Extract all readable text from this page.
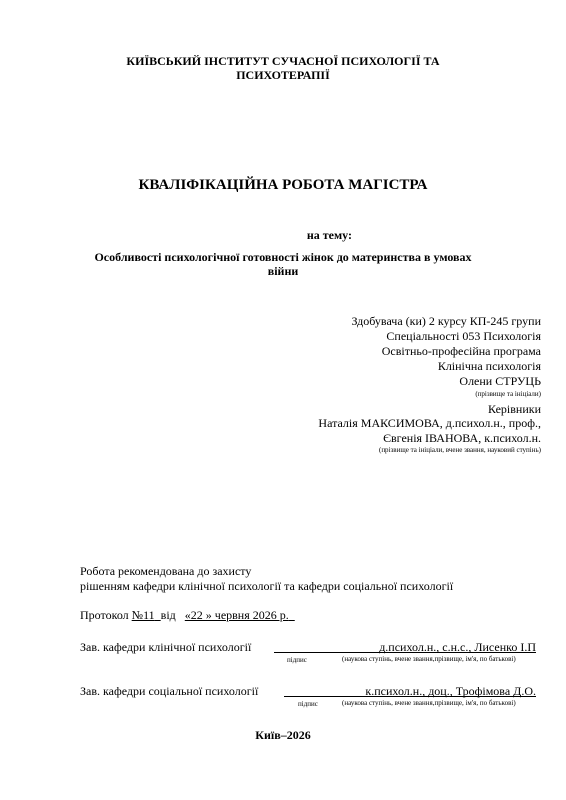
КИЇВСЬКИЙ ІНСТИТУТ СУЧАСНОЇ ПСИХОЛОГІЇ ТА
ПСИХОТЕРАПІЇ
КВАЛІФІКАЦІЙНА РОБОТА МАГІСТРА
на тему:
Особливості психологічної готовності жінок до материнства в умовах
війни
Здобувача (ки) 2 курсу КП-245 групи
Спеціальності 053 Психологія
Освітньо-професійна програма
Клінічна психологія
Олени СТРУЦЬ
(прізвище та ініціали)
Керівники
Наталія МАКСИМОВА, д.психол.н., проф.,
Євгенія ІВАНОВА, к.психол.н.
(прізвище та ініціали, вчене звання, науковий ступінь)
Робота рекомендована до захисту
рішенням кафедри клінічної психології та кафедри соціальної психології
Протокол №11 від «22 » червня 2026 р.
Зав. кафедри клінічної психології	д.психол.н., с.н.с., Лисенко І.П
підпис	(наукова ступінь, вчене звання,прізвище, ім'я, по батькові)
Зав. кафедри соціальної психології	к.психол.н., доц., Трофімова Д.О.
підпис	(наукова ступінь, вчене звання,прізвище, ім'я, по батькові)
Київ–2026
